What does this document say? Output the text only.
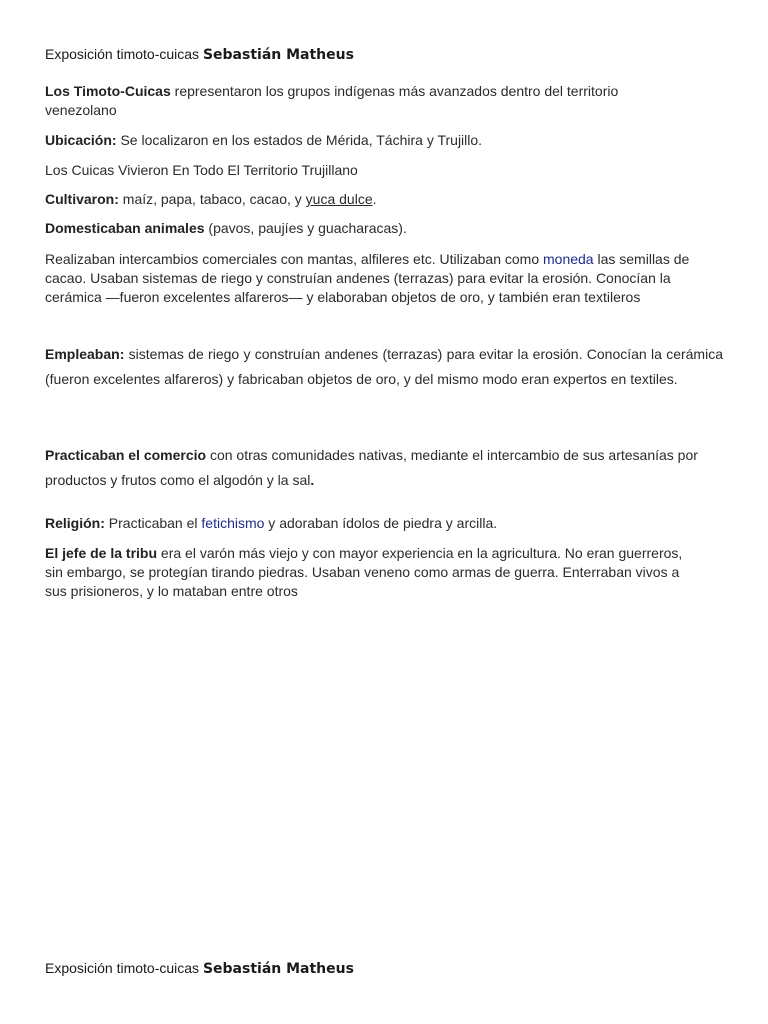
Exposición timoto-cuicas Sebastián Matheus

Los Timoto-Cuicas representaron los grupos indígenas más avanzados dentro del territorio venezolano

Ubicación: Se localizaron en los estados de Mérida, Táchira y Trujillo.

Los Cuicas Vivieron En Todo El Territorio Trujillano

Cultivaron: maíz, papa, tabaco, cacao, y yuca dulce.

Domesticaban animales (pavos, paujíes y guacharacas).

Realizaban intercambios comerciales con mantas, alfileres etc. Utilizaban como moneda las semillas de cacao. Usaban sistemas de riego y construían andenes (terrazas) para evitar la erosión. Conocían la cerámica —fueron excelentes alfareros— y elaboraban objetos de oro, y también eran textileros

Empleaban: sistemas de riego y construían andenes (terrazas) para evitar la erosión. Conocían la cerámica (fueron excelentes alfareros) y fabricaban objetos de oro, y del mismo modo eran expertos en textiles.

Practicaban el comercio con otras comunidades nativas, mediante el intercambio de sus artesanías por productos y frutos como el algodón y la sal.

Religión: Practicaban el fetichismo y adoraban ídolos de piedra y arcilla.

El jefe de la tribu era el varón más viejo y con mayor experiencia en la agricultura. No eran guerreros, sin embargo, se protegían tirando piedras. Usaban veneno como armas de guerra. Enterraban vivos a sus prisioneros, y lo mataban entre otros

Exposición timoto-cuicas Sebastián Matheus
